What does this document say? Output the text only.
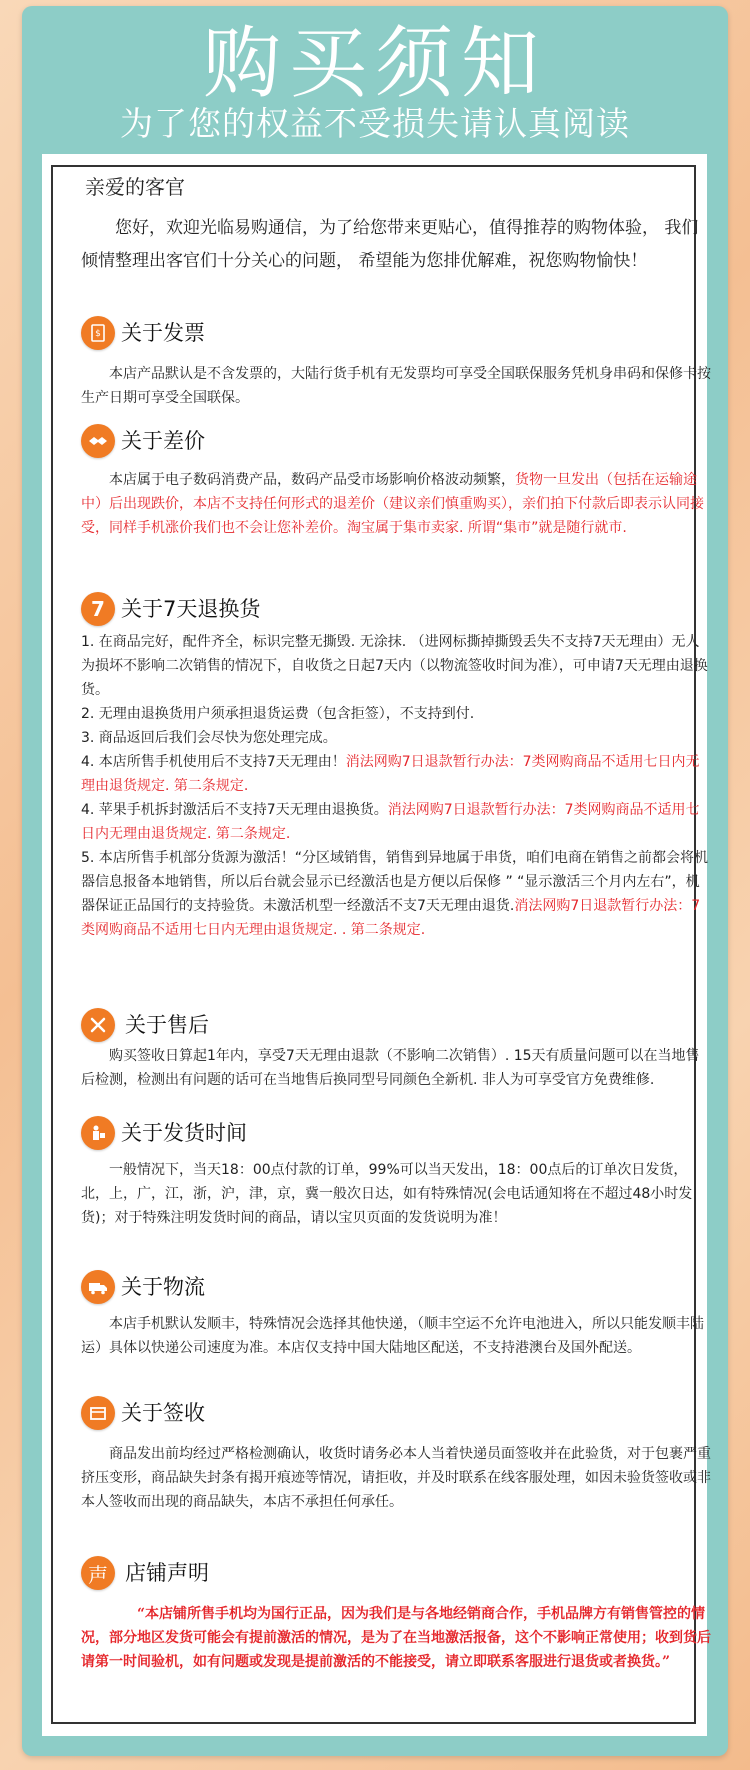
购买须知
为了您的权益不受损失请认真阅读
亲爱的客官

您好，欢迎光临易购通信，为了给您带来更贴心，值得推荐的购物体验， 我们倾情整理出客官们十分关心的问题， 希望能为您排优解难，祝您购物愉快！

$ 关于发票

本店产品默认是不含发票的，大陆行货手机有无发票均可享受全国联保服务凭机身串码和保修卡按生产日期可享受全国联保。

关于差价

本店属于电子数码消费产品，数码产品受市场影响价格波动频繁，货物一旦发出（包括在运输途中）后出现跌价，本店不支持任何形式的退差价（建议亲们慎重购买），亲们拍下付款后即表示认同接受，同样手机涨价我们也不会让您补差价。淘宝属于集市卖家. 所谓“集市”就是随行就市.

7 关于7天退换货

1. 在商品完好，配件齐全，标识完整无撕毁. 无涂抹. （进网标撕掉撕毁丢失不支持7天无理由）无人为损坏不影响二次销售的情况下，自收货之日起7天内（以物流签收时间为准），可申请7天无理由退换货。

2. 无理由退换货用户须承担退货运费（包含拒签），不支持到付.

3. 商品返回后我们会尽快为您处理完成。

4. 本店所售手机使用后不支持7天无理由！消法网购7日退款暂行办法：7类网购商品不适用七日内无理由退货规定. 第二条规定.

4. 苹果手机拆封激活后不支持7天无理由退换货。消法网购7日退款暂行办法：7类网购商品不适用七日内无理由退货规定. 第二条规定.

5. 本店所售手机部分货源为激活！“分区域销售，销售到异地属于串货，咱们电商在销售之前都会将机器信息报备本地销售，所以后台就会显示已经激活也是方便以后保修 ” “显示激活三个月内左右”，机器保证正品国行的支持验货。未激活机型一经激活不支7天无理由退货.消法网购7日退款暂行办法：7类网购商品不适用七日内无理由退货规定. . 第二条规定.

关于售后

购买签收日算起1年内，享受7天无理由退款（不影响二次销售）. 15天有质量问题可以在当地售后检测，检测出有问题的话可在当地售后换同型号同颜色全新机. 非人为可享受官方免费维修.

关于发货时间

一般情况下，当天18：00点付款的订单，99%可以当天发出，18：00点后的订单次日发货，北，上，广，江，浙，沪，津，京，冀一般次日达，如有特殊情况(会电话通知将在不超过48小时发货)；对于特殊注明发货时间的商品，请以宝贝页面的发货说明为准！

关于物流

本店手机默认发顺丰，特殊情况会选择其他快递，（顺丰空运不允许电池进入，所以只能发顺丰陆运）具体以快递公司速度为准。本店仅支持中国大陆地区配送，不支持港澳台及国外配送。

关于签收

商品发出前均经过严格检测确认，收货时请务必本人当着快递员面签收并在此验货，对于包裹严重挤压变形，商品缺失封条有揭开痕迹等情况，请拒收，并及时联系在线客服处理，如因未验货签收或非本人签收而出现的商品缺失，本店不承担任何承任。

声 店铺声明

“本店铺所售手机均为国行正品，因为我们是与各地经销商合作，手机品牌方有销售管控的情况，部分地区发货可能会有提前激活的情况，是为了在当地激活报备，这个不影响正常使用；收到货后请第一时间验机，如有问题或发现是提前激活的不能接受，请立即联系客服进行退货或者换货。”
